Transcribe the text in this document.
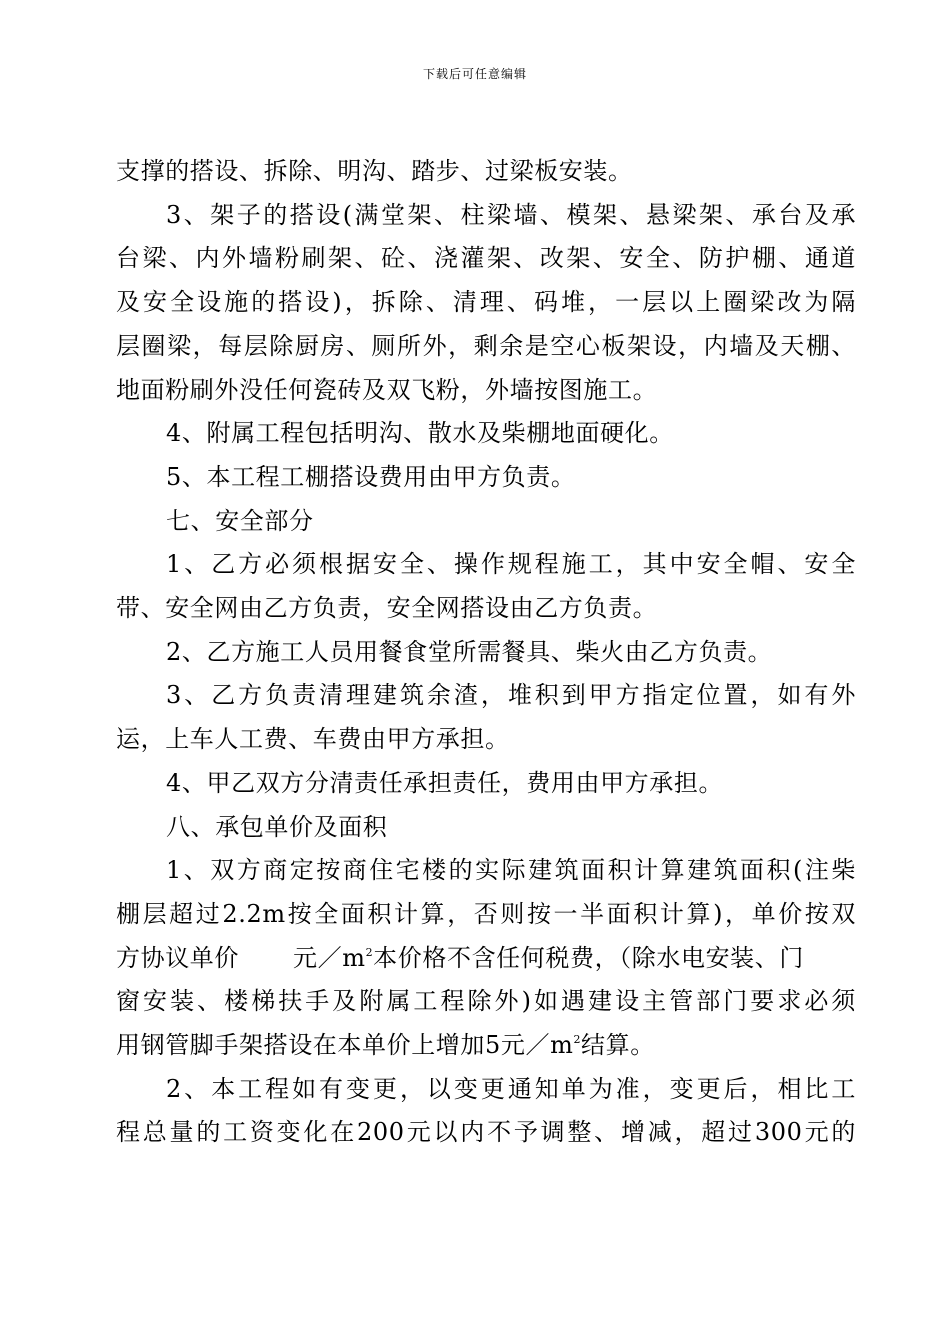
下载后可任意编辑
支撑的搭设、拆除、明沟、踏步、过梁板安装。
3、架子的搭设(满堂架、柱梁墙、模架、悬梁架、承台及承
台梁、内外墙粉刷架、砼、浇灌架、改架、安全、防护棚、通道
及安全设施的搭设)，拆除、清理、码堆，一层以上圈梁改为隔
层圈梁，每层除厨房、厕所外，剩余是空心板架设，内墙及天棚、
地面粉刷外没任何瓷砖及双飞粉，外墙按图施工。
4、附属工程包括明沟、散水及柴棚地面硬化。
5、本工程工棚搭设费用由甲方负责。
七、安全部分
1、乙方必须根据安全、操作规程施工，其中安全帽、安全
带、安全网由乙方负责，安全网搭设由乙方负责。
2、乙方施工人员用餐食堂所需餐具、柴火由乙方负责。
3、乙方负责清理建筑余渣，堆积到甲方指定位置，如有外
运，上车人工费、车费由甲方承担。
4、甲乙双方分清责任承担责任，费用由甲方承担。
八、承包单价及面积
1、双方商定按商住宅楼的实际建筑面积计算建筑面积(注柴
棚层超过2.2m按全面积计算，否则按一半面积计算)，单价按双
方协议单价 元$/m^2$本价格不含任何税费，（除水电安装、门
窗安装、楼梯扶手及附属工程除外)如遇建设主管部门要求必须
用钢管脚手架搭设在本单价上增加5元$/m^2$结算。
2、本工程如有变更，以变更通知单为准，变更后，相比工
程总量的工资变化在200元以内不予调整、增减，超过300元的
